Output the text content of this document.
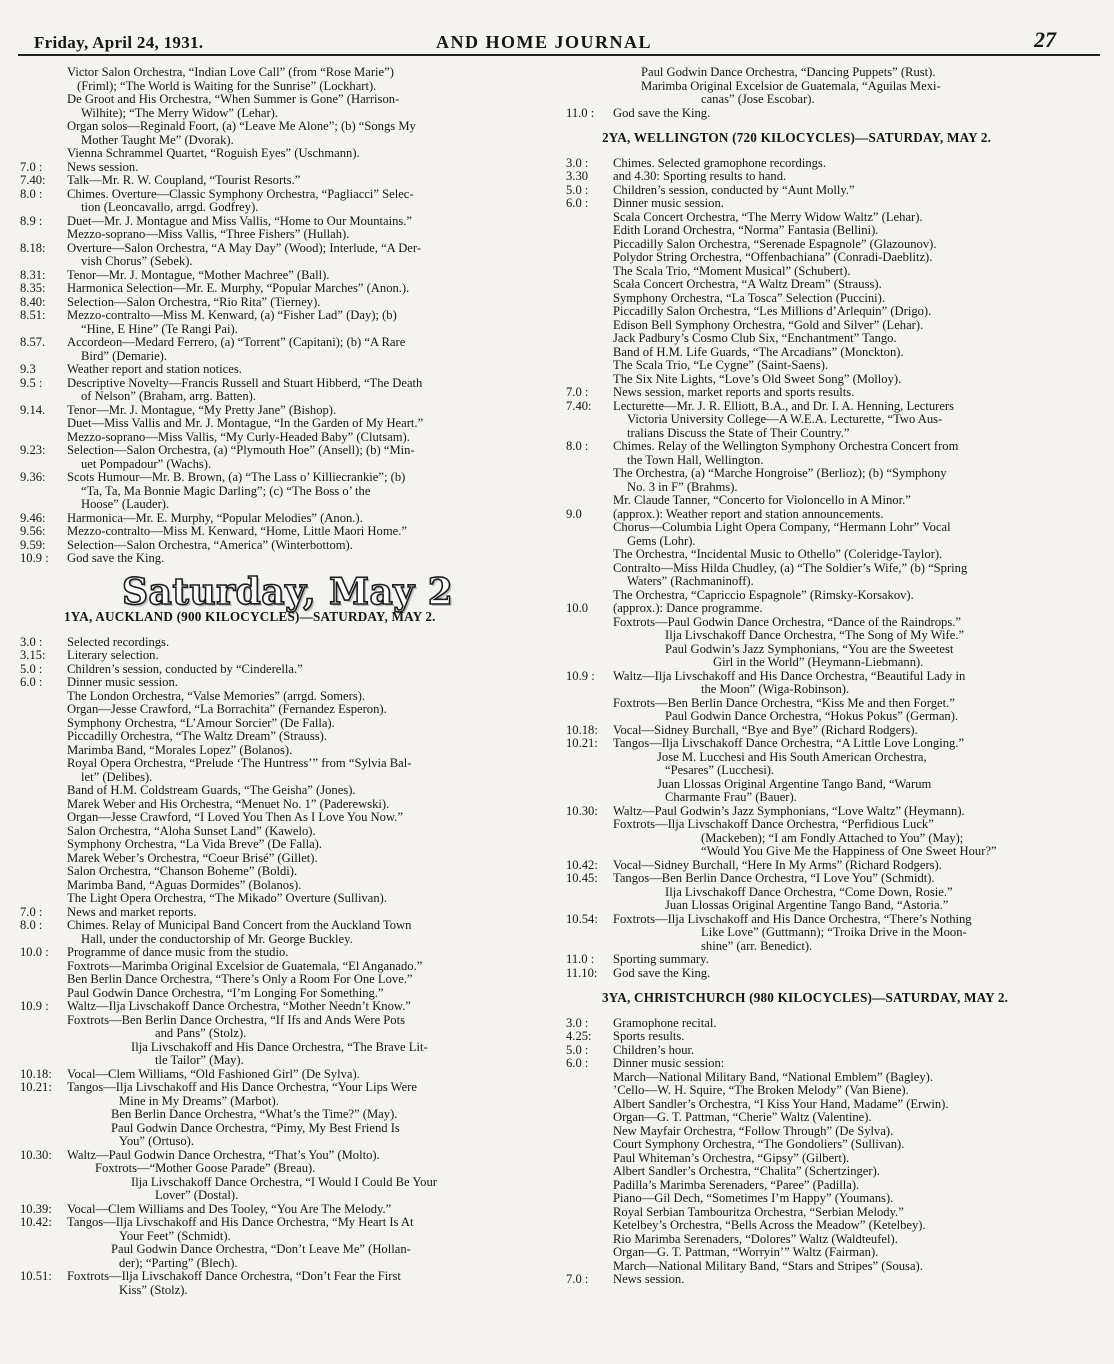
Friday, April 24, 1931.	AND HOME JOURNAL	27
Victor Salon Orchestra, “Indian Love Call” (from “Rose Marie”)
(Friml); “The World is Waiting for the Sunrise” (Lockhart).
De Groot and His Orchestra, “When Summer is Gone” (Harrison-
Wilhite); “The Merry Widow” (Lehar).
Organ solos—Reginald Foort, (a) “Leave Me Alone”; (b) “Songs My
Mother Taught Me” (Dvorak).
Vienna Schrammel Quartet, “Roguish Eyes” (Uschmann).
7.0 : News session.
7.40: Talk—Mr. R. W. Coupland, “Tourist Resorts.”
8.0 : Chimes. Overture—Classic Symphony Orchestra, “Pagliacci” Selec-
tion (Leoncavallo, arrgd. Godfrey).
8.9 : Duet—Mr. J. Montague and Miss Vallis, “Home to Our Mountains.”
Mezzo-soprano—Miss Vallis, “Three Fishers” (Hullah).
8.18: Overture—Salon Orchestra, “A May Day” (Wood); Interlude, “A Der-
vish Chorus” (Sebek).
8.31: Tenor—Mr. J. Montague, “Mother Machree” (Ball).
8.35: Harmonica Selection—Mr. E. Murphy, “Popular Marches” (Anon.).
8.40: Selection—Salon Orchestra, “Rio Rita” (Tierney).
8.51: Mezzo-contralto—Miss M. Kenward, (a) “Fisher Lad” (Day); (b)
“Hine, E Hine” (Te Rangi Pai).
8.57. Accordeon—Medard Ferrero, (a) “Torrent” (Capitani); (b) “A Rare
Bird” (Demarie).
9.3 Weather report and station notices.
9.5 : Descriptive Novelty—Francis Russell and Stuart Hibberd, “The Death
of Nelson” (Braham, arrg. Batten).
9.14. Tenor—Mr. J. Montague, “My Pretty Jane” (Bishop).
Duet—Miss Vallis and Mr. J. Montague, “In the Garden of My Heart.”
Mezzo-soprano—Miss Vallis, “My Curly-Headed Baby” (Clutsam).
9.23: Selection—Salon Orchestra, (a) “Plymouth Hoe” (Ansell); (b) “Min-
uet Pompadour” (Wachs).
9.36: Scots Humour—Mr. B. Brown, (a) “The Lass o’ Killiecrankie”; (b)
“Ta, Ta, Ma Bonnie Magic Darling”; (c) “The Boss o’ the
Hoose” (Lauder).
9.46: Harmonica—Mr. E. Murphy, “Popular Melodies” (Anon.).
9.56: Mezzo-contralto—Miss M. Kenward, “Home, Little Maori Home.”
9.59: Selection—Salon Orchestra, “America” (Winterbottom).
10.9 : God save the King.
Saturday, May 2
1YA, AUCKLAND (900 KILOCYCLES)—SATURDAY, MAY 2.
3.0 : Selected recordings.
3.15: Literary selection.
5.0 : Children’s session, conducted by “Cinderella.”
6.0 : Dinner music session.
The London Orchestra, “Valse Memories” (arrgd. Somers).
Organ—Jesse Crawford, “La Borrachita” (Fernandez Esperon).
Symphony Orchestra, “L’Amour Sorcier” (De Falla).
Piccadilly Orchestra, “The Waltz Dream” (Strauss).
Marimba Band, “Morales Lopez” (Bolanos).
Royal Opera Orchestra, “Prelude ‘The Huntress’” from “Sylvia Bal-
let” (Delibes).
Band of H.M. Coldstream Guards, “The Geisha” (Jones).
Marek Weber and His Orchestra, “Menuet No. 1” (Paderewski).
Organ—Jesse Crawford, “I Loved You Then As I Love You Now.”
Salon Orchestra, “Aloha Sunset Land” (Kawelo).
Symphony Orchestra, “La Vida Breve” (De Falla).
Marek Weber’s Orchestra, “Coeur Brisé” (Gillet).
Salon Orchestra, “Chanson Boheme” (Boldi).
Marimba Band, “Aguas Dormides” (Bolanos).
The Light Opera Orchestra, “The Mikado” Overture (Sullivan).
7.0 : News and market reports.
8.0 : Chimes. Relay of Municipal Band Concert from the Auckland Town
Hall, under the conductorship of Mr. George Buckley.
10.0 : Programme of dance music from the studio.
Foxtrots—Marimba Original Excelsior de Guatemala, “El Anganado.”
Ben Berlin Dance Orchestra, “There’s Only a Room For One Love.”
Paul Godwin Dance Orchestra, “I’m Longing For Something.”
10.9 : Waltz—Ilja Livschakoff Dance Orchestra, “Mother Needn’t Know.”
Foxtrots—Ben Berlin Dance Orchestra, “If Ifs and Ands Were Pots
and Pans” (Stolz).
Ilja Livschakoff and His Dance Orchestra, “The Brave Lit-
tle Tailor” (May).
10.18: Vocal—Clem Williams, “Old Fashioned Girl” (De Sylva).
10.21: Tangos—Ilja Livschakoff and His Dance Orchestra, “Your Lips Were
Mine in My Dreams” (Marbot).
Ben Berlin Dance Orchestra, “What’s the Time?” (May).
Paul Godwin Dance Orchestra, “Pimy, My Best Friend Is
You” (Ortuso).
10.30: Waltz—Paul Godwin Dance Orchestra, “That’s You” (Molto).
Foxtrots—“Mother Goose Parade” (Breau).
Ilja Livschakoff Dance Orchestra, “I Would I Could Be Your
Lover” (Dostal).
10.39: Vocal—Clem Williams and Des Tooley, “You Are The Melody.”
10.42: Tangos—Ilja Livschakoff and His Dance Orchestra, “My Heart Is At
Your Feet” (Schmidt).
Paul Godwin Dance Orchestra, “Don’t Leave Me” (Hollan-
der); “Parting” (Blech).
10.51: Foxtrots—Ilja Livschakoff Dance Orchestra, “Don’t Fear the First
Kiss” (Stolz).
Paul Godwin Dance Orchestra, “Dancing Puppets” (Rust).
Marimba Original Excelsior de Guatemala, “Aguilas Mexi-
canas” (Jose Escobar).
11.0 : God save the King.
2YA, WELLINGTON (720 KILOCYCLES)—SATURDAY, MAY 2.
3.0 : Chimes. Selected gramophone recordings.
3.30 and 4.30: Sporting results to hand.
5.0 : Children’s session, conducted by “Aunt Molly.”
6.0 : Dinner music session.
Scala Concert Orchestra, “The Merry Widow Waltz” (Lehar).
Edith Lorand Orchestra, “Norma” Fantasia (Bellini).
Piccadilly Salon Orchestra, “Serenade Espagnole” (Glazounov).
Polydor String Orchestra, “Offenbachiana” (Conradi-Daeblitz).
The Scala Trio, “Moment Musical” (Schubert).
Scala Concert Orchestra, “A Waltz Dream” (Strauss).
Symphony Orchestra, “La Tosca” Selection (Puccini).
Piccadilly Salon Orchestra, “Les Millions d’Arlequin” (Drigo).
Edison Bell Symphony Orchestra, “Gold and Silver” (Lehar).
Jack Padbury’s Cosmo Club Six, “Enchantment” Tango.
Band of H.M. Life Guards, “The Arcadians” (Monckton).
The Scala Trio, “Le Cygne” (Saint-Saens).
The Six Nite Lights, “Love’s Old Sweet Song” (Molloy).
7.0 : News session, market reports and sports results.
7.40: Lecturette—Mr. J. R. Elliott, B.A., and Dr. I. A. Henning, Lecturers
Victoria University College—A W.E.A. Lecturette, “Two Aus-
tralians Discuss the State of Their Country.”
8.0 : Chimes. Relay of the Wellington Symphony Orchestra Concert from
the Town Hall, Wellington.
The Orchestra, (a) “Marche Hongroise” (Berlioz); (b) “Symphony
No. 3 in F” (Brahms).
Mr. Claude Tanner, “Concerto for Violoncello in A Minor.”
9.0 (approx.): Weather report and station announcements.
Chorus—Columbia Light Opera Company, “Hermann Lohr” Vocal
Gems (Lohr).
The Orchestra, “Incidental Music to Othello” (Coleridge-Taylor).
Contralto—Miss Hilda Chudley, (a) “The Soldier’s Wife,” (b) “Spring
Waters” (Rachmaninoff).
The Orchestra, “Capriccio Espagnole” (Rimsky-Korsakov).
10.0 (approx.): Dance programme.
Foxtrots—Paul Godwin Dance Orchestra, “Dance of the Raindrops.”
Ilja Livschakoff Dance Orchestra, “The Song of My Wife.”
Paul Godwin’s Jazz Symphonians, “You are the Sweetest
Girl in the World” (Heymann-Liebmann).
10.9 : Waltz—Ilja Livschakoff and His Dance Orchestra, “Beautiful Lady in
the Moon” (Wiga-Robinson).
Foxtrots—Ben Berlin Dance Orchestra, “Kiss Me and then Forget.”
Paul Godwin Dance Orchestra, “Hokus Pokus” (German).
10.18: Vocal—Sidney Burchall, “Bye and Bye” (Richard Rodgers).
10.21: Tangos—Ilja Livschakoff Dance Orchestra, “A Little Love Longing.”
Jose M. Lucchesi and His South American Orchestra,
“Pesares” (Lucchesi).
Juan Llossas Original Argentine Tango Band, “Warum
Charmante Frau” (Bauer).
10.30: Waltz—Paul Godwin’s Jazz Symphonians, “Love Waltz” (Heymann).
Foxtrots—Ilja Livschakoff Dance Orchestra, “Perfidious Luck”
(Mackeben); “I am Fondly Attached to You” (May);
“Would You Give Me the Happiness of One Sweet Hour?”
10.42: Vocal—Sidney Burchall, “Here In My Arms” (Richard Rodgers).
10.45: Tangos—Ben Berlin Dance Orchestra, “I Love You” (Schmidt).
Ilja Livschakoff Dance Orchestra, “Come Down, Rosie.”
Juan Llossas Original Argentine Tango Band, “Astoria.”
10.54: Foxtrots—Ilja Livschakoff and His Dance Orchestra, “There’s Nothing
Like Love” (Guttmann); “Troika Drive in the Moon-
shine” (arr. Benedict).
11.0 : Sporting summary.
11.10: God save the King.
3YA, CHRISTCHURCH (980 KILOCYCLES)—SATURDAY, MAY 2.
3.0 : Gramophone recital.
4.25: Sports results.
5.0 : Children’s hour.
6.0 : Dinner music session:
March—National Military Band, “National Emblem” (Bagley).
’Cello—W. H. Squire, “The Broken Melody” (Van Biene).
Albert Sandler’s Orchestra, “I Kiss Your Hand, Madame” (Erwin).
Organ—G. T. Pattman, “Cherie” Waltz (Valentine).
New Mayfair Orchestra, “Follow Through” (De Sylva).
Court Symphony Orchestra, “The Gondoliers” (Sullivan).
Paul Whiteman’s Orchestra, “Gipsy” (Gilbert).
Albert Sandler’s Orchestra, “Chalita” (Schertzinger).
Padilla’s Marimba Serenaders, “Paree” (Padilla).
Piano—Gil Dech, “Sometimes I’m Happy” (Youmans).
Royal Serbian Tambouritza Orchestra, “Serbian Melody.”
Ketelbey’s Orchestra, “Bells Across the Meadow” (Ketelbey).
Rio Marimba Serenaders, “Dolores” Waltz (Waldteufel).
Organ—G. T. Pattman, “Worryin’” Waltz (Fairman).
March—National Military Band, “Stars and Stripes” (Sousa).
7.0 : News session.
